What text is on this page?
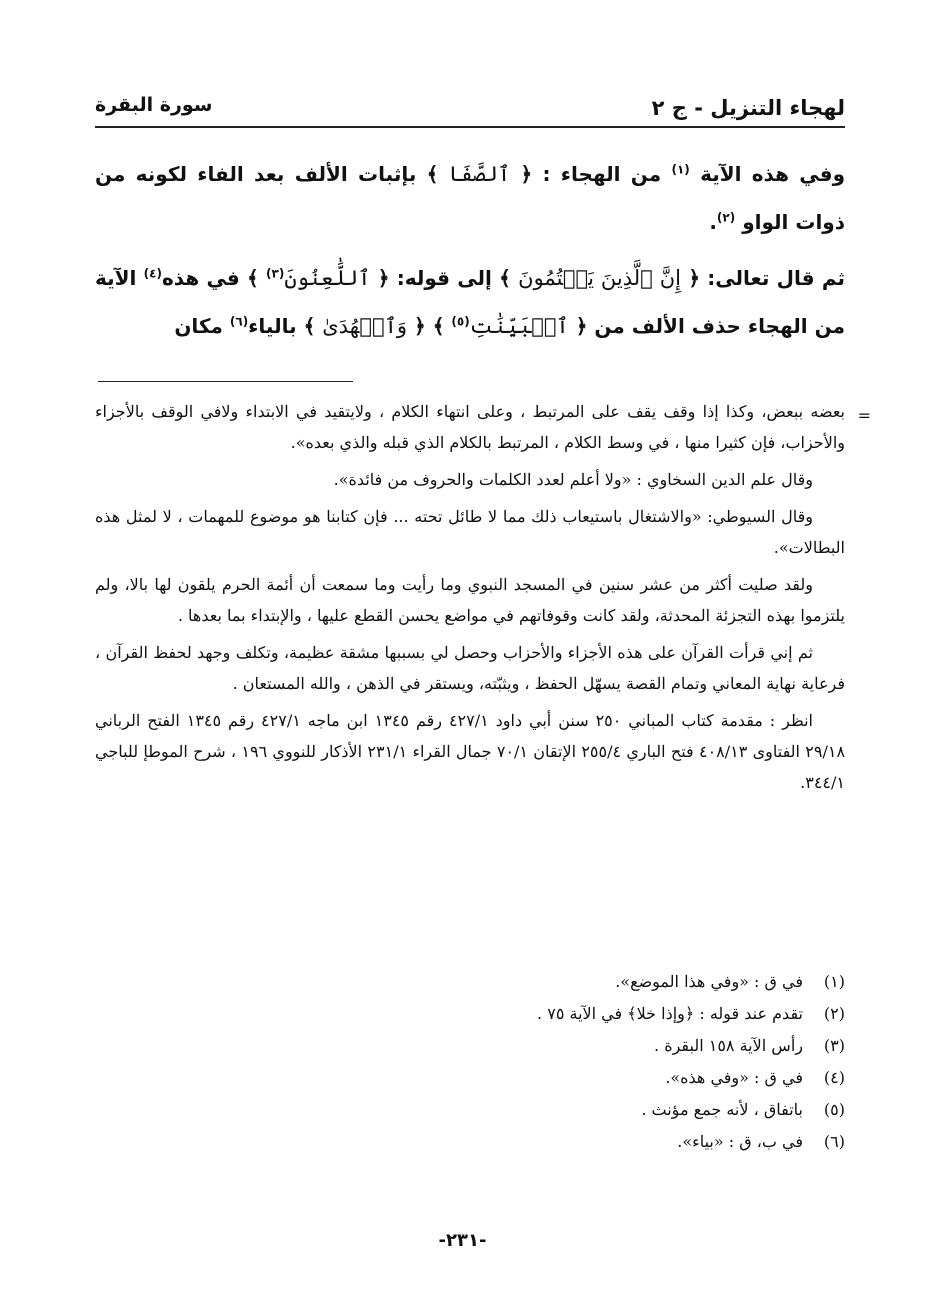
لهجاء التنزيل - ج ٢
سورة البقرة

وفي هذه الآية $^{(١)}$ من الهجاء : ﴿ ٱلصَّفَا ﴾ بإثبات الألف بعد الفاء لكونه من ذوات الواو $^{(٢)}$.

ثم قال تعالى: ﴿ إِنَّ ٱلَّذِينَ يَكۡتُمُونَ ﴾ إلى قوله: ﴿ ٱللَّٰعِنُونَ$^{(٣)}$ ﴾ في هذه$^{(٤)}$ الآية من الهجاء حذف الألف من ﴿ ٱلۡبَيِّنَٰتِ$^{(٥)}$ ﴾ ﴿ وَٱلۡهُدَىٰ ﴾ بالياء$^{(٦)}$ مكان

=

بعضه ببعض، وكذا إذا وقف يقف على المرتبط ، وعلى انتهاء الكلام ، ولايتقيد في الابتداء ولافي الوقف بالأجزاء والأحزاب، فإن كثيرا منها ، في وسط الكلام ، المرتبط بالكلام الذي قبله والذي بعده».

وقال علم الدين السخاوي : «ولا أعلم لعدد الكلمات والحروف من فائدة».

وقال السيوطي: «والاشتغال باستيعاب ذلك مما لا طائل تحته ... فإن كتابنا هو موضوع للمهمات ، لا لمثل هذه البطالات».

ولقد صليت أكثر من عشر سنين في المسجد النبوي وما رأيت وما سمعت أن أئمة الحرم يلقون لها بالا، ولم يلتزموا بهذه التجزئة المحدثة، ولقد كانت وقوفاتهم في مواضع يحسن القطع عليها ، والإبتداء بما بعدها .

ثم إني قرأت القرآن على هذه الأجزاء والأحزاب وحصل لي بسببها مشقة عظيمة، وتكلف وجهد لحفظ القرآن ، فرعاية نهاية المعاني وتمام القصة يسهّل الحفظ ، ويثبّته، ويستقر في الذهن ، والله المستعان .

انظر : مقدمة كتاب المباني ٢٥٠ سنن أبي داود ٤٢٧/١ رقم ١٣٤٥ ابن ماجه ٤٢٧/١ رقم ١٣٤٥ الفتح الرباني ٢٩/١٨ الفتاوى ٤٠٨/١٣ فتح الباري ٢٥٥/٤ الإتقان ٧٠/١ جمال القراء ٢٣١/١ الأذكار للنووي ١٩٦ ، شرح الموطإ للباجي ٣٤٤/١.

(١)
في ق : «وفي هذا الموضع».
(٢)
تقدم عند قوله : ﴿وإذا خلا﴾ في الآية ٧٥ .
(٣)
رأس الآية ١٥٨ البقرة .
(٤)
في ق : «وفي هذه».
(٥)
باتفاق ، لأنه جمع مؤنث .
(٦)
في ب، ق : «بياء».
-٢٣١-
